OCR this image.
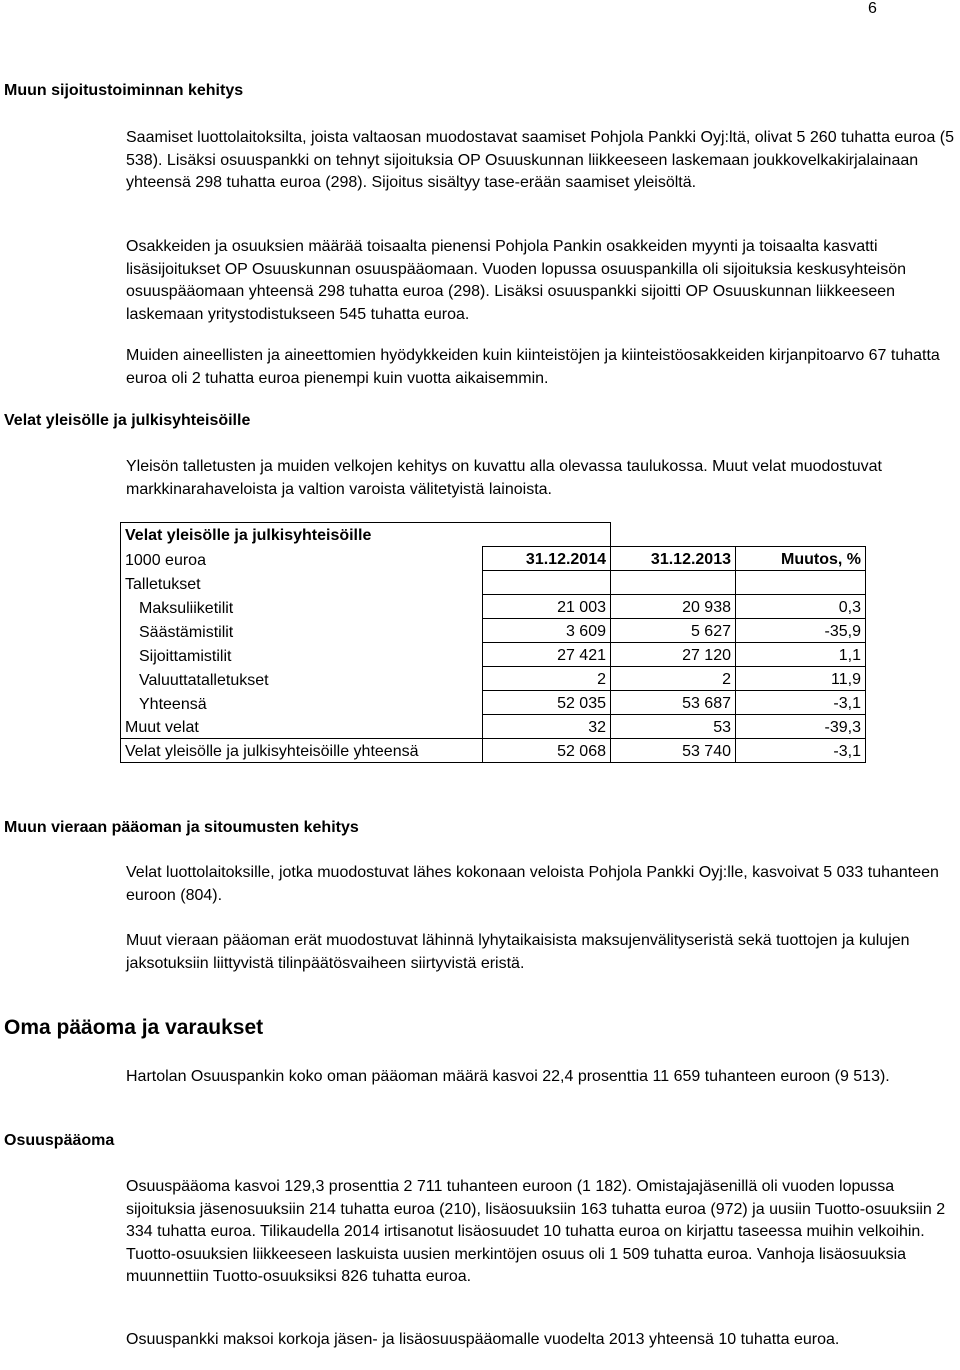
6
Muun sijoitustoiminnan kehitys

Saamiset luottolaitoksilta, joista valtaosan muodostavat saamiset Pohjola Pankki Oyj:ltä, olivat 5 260 tuhatta euroa (5 538). Lisäksi osuuspankki on tehnyt sijoituksia OP Osuuskunnan liikkeeseen laskemaan joukkovelkakirjalainaan yhteensä 298 tuhatta euroa (298). Sijoitus sisältyy tase-erään saamiset yleisöltä.

Osakkeiden ja osuuksien määrää toisaalta pienensi Pohjola Pankin osakkeiden myynti ja toisaalta kasvatti lisäsijoitukset OP Osuuskunnan osuuspääomaan. Vuoden lopussa osuuspankilla oli sijoituksia keskusyhteisön osuuspääomaan yhteensä 298 tuhatta euroa (298). Lisäksi osuuspankki sijoitti OP Osuuskunnan liikkeeseen laskemaan yritystodistukseen 545 tuhatta euroa.

Muiden aineellisten ja aineettomien hyödykkeiden kuin kiinteistöjen ja kiinteistöosakkeiden kirjanpitoarvo 67 tuhatta euroa oli 2 tuhatta euroa pienempi kuin vuotta aikaisemmin.

Velat yleisölle ja julkisyhteisöille

Yleisön talletusten ja muiden velkojen kehitys on kuvattu alla olevassa taulukossa. Muut velat muodostuvat markkinarahaveloista ja valtion varoista välitetyistä lainoista.

Velat yleisölle ja julkisyhteisöille			
1000 euroa	31.12.2014	31.12.2013	Muutos, %
Talletukset			
Maksuliiketilit	21 003	20 938	0,3
Säästämistilit	3 609	5 627	-35,9
Sijoittamistilit	27 421	27 120	1,1
Valuuttatalletukset	2	2	11,9
Yhteensä	52 035	53 687	-3,1
Muut velat	32	53	-39,3
Velat yleisölle ja julkisyhteisöille yhteensä	52 068	53 740	-3,1
Muun vieraan pääoman ja sitoumusten kehitys

Velat luottolaitoksille, jotka muodostuvat lähes kokonaan veloista Pohjola Pankki Oyj:lle, kasvoivat 5 033 tuhanteen euroon (804).

Muut vieraan pääoman erät muodostuvat lähinnä lyhytaikaisista maksujenvälityseristä sekä tuottojen ja kulujen jaksotuksiin liittyvistä tilinpäätösvaiheen siirtyvistä eristä.

Oma pääoma ja varaukset

Hartolan Osuuspankin koko oman pääoman määrä kasvoi 22,4 prosenttia 11 659 tuhanteen euroon (9 513).

Osuuspääoma

Osuuspääoma kasvoi 129,3 prosenttia 2 711 tuhanteen euroon (1 182). Omistajajäsenillä oli vuoden lopussa sijoituksia jäsenosuuksiin 214 tuhatta euroa (210), lisäosuuksiin 163 tuhatta euroa (972) ja uusiin Tuotto-osuuksiin 2 334 tuhatta euroa. Tilikaudella 2014 irtisanotut lisäosuudet 10 tuhatta euroa on kirjattu taseessa muihin velkoihin. Tuotto-osuuksien liikkeeseen laskuista uusien merkintöjen osuus oli 1 509 tuhatta euroa. Vanhoja lisäosuuksia muunnettiin Tuotto-osuuksiksi 826 tuhatta euroa.

Osuuspankki maksoi korkoja jäsen- ja lisäosuuspääomalle vuodelta 2013 yhteensä 10 tuhatta euroa.
